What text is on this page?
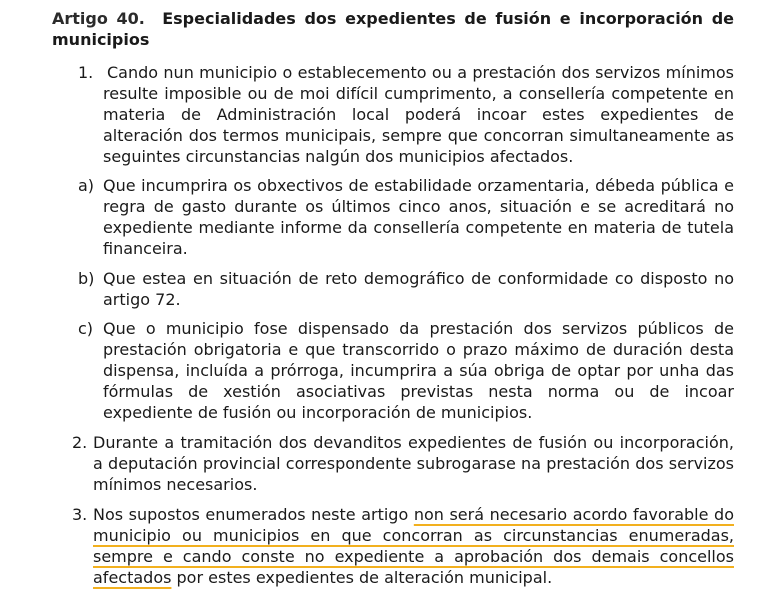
Artigo 40. Especialidades dos expedientes de fusión e incorporación de municipios
1. Cando nun municipio o establecemento ou a prestación dos servizos mínimos resulte imposible ou de moi difícil cumprimento, a consellería competente en materia de Administración local poderá incoar estes expedientes de alteración dos termos municipais, sempre que concorran simultaneamente as seguintes circunstancias nalgún dos municipios afectados.
a) Que incumprira os obxectivos de estabilidade orzamentaria, débeda pública e regra de gasto durante os últimos cinco anos, situación e se acreditará no expediente mediante informe da consellería competente en materia de tutela financeira.
b) Que estea en situación de reto demográfico de conformidade co disposto no artigo 72.
c) Que o municipio fose dispensado da prestación dos servizos públicos de prestación obrigatoria e que transcorrido o prazo máximo de duración desta dispensa, incluída a prórroga, incumprira a súa obriga de optar por unha das fórmulas de xestión asociativas previstas nesta norma ou de incoar expediente de fusión ou incorporación de municipios.
2. Durante a tramitación dos devanditos expedientes de fusión ou incorporación, a deputación provincial correspondente subrogarase na prestación dos servizos mínimos necesarios.
3. Nos supostos enumerados neste artigo non será necesario acordo favorable do municipio ou municipios en que concorran as circunstancias enumeradas, sempre e cando conste no expediente a aprobación dos demais concellos afectados por estes expedientes de alteración municipal.
